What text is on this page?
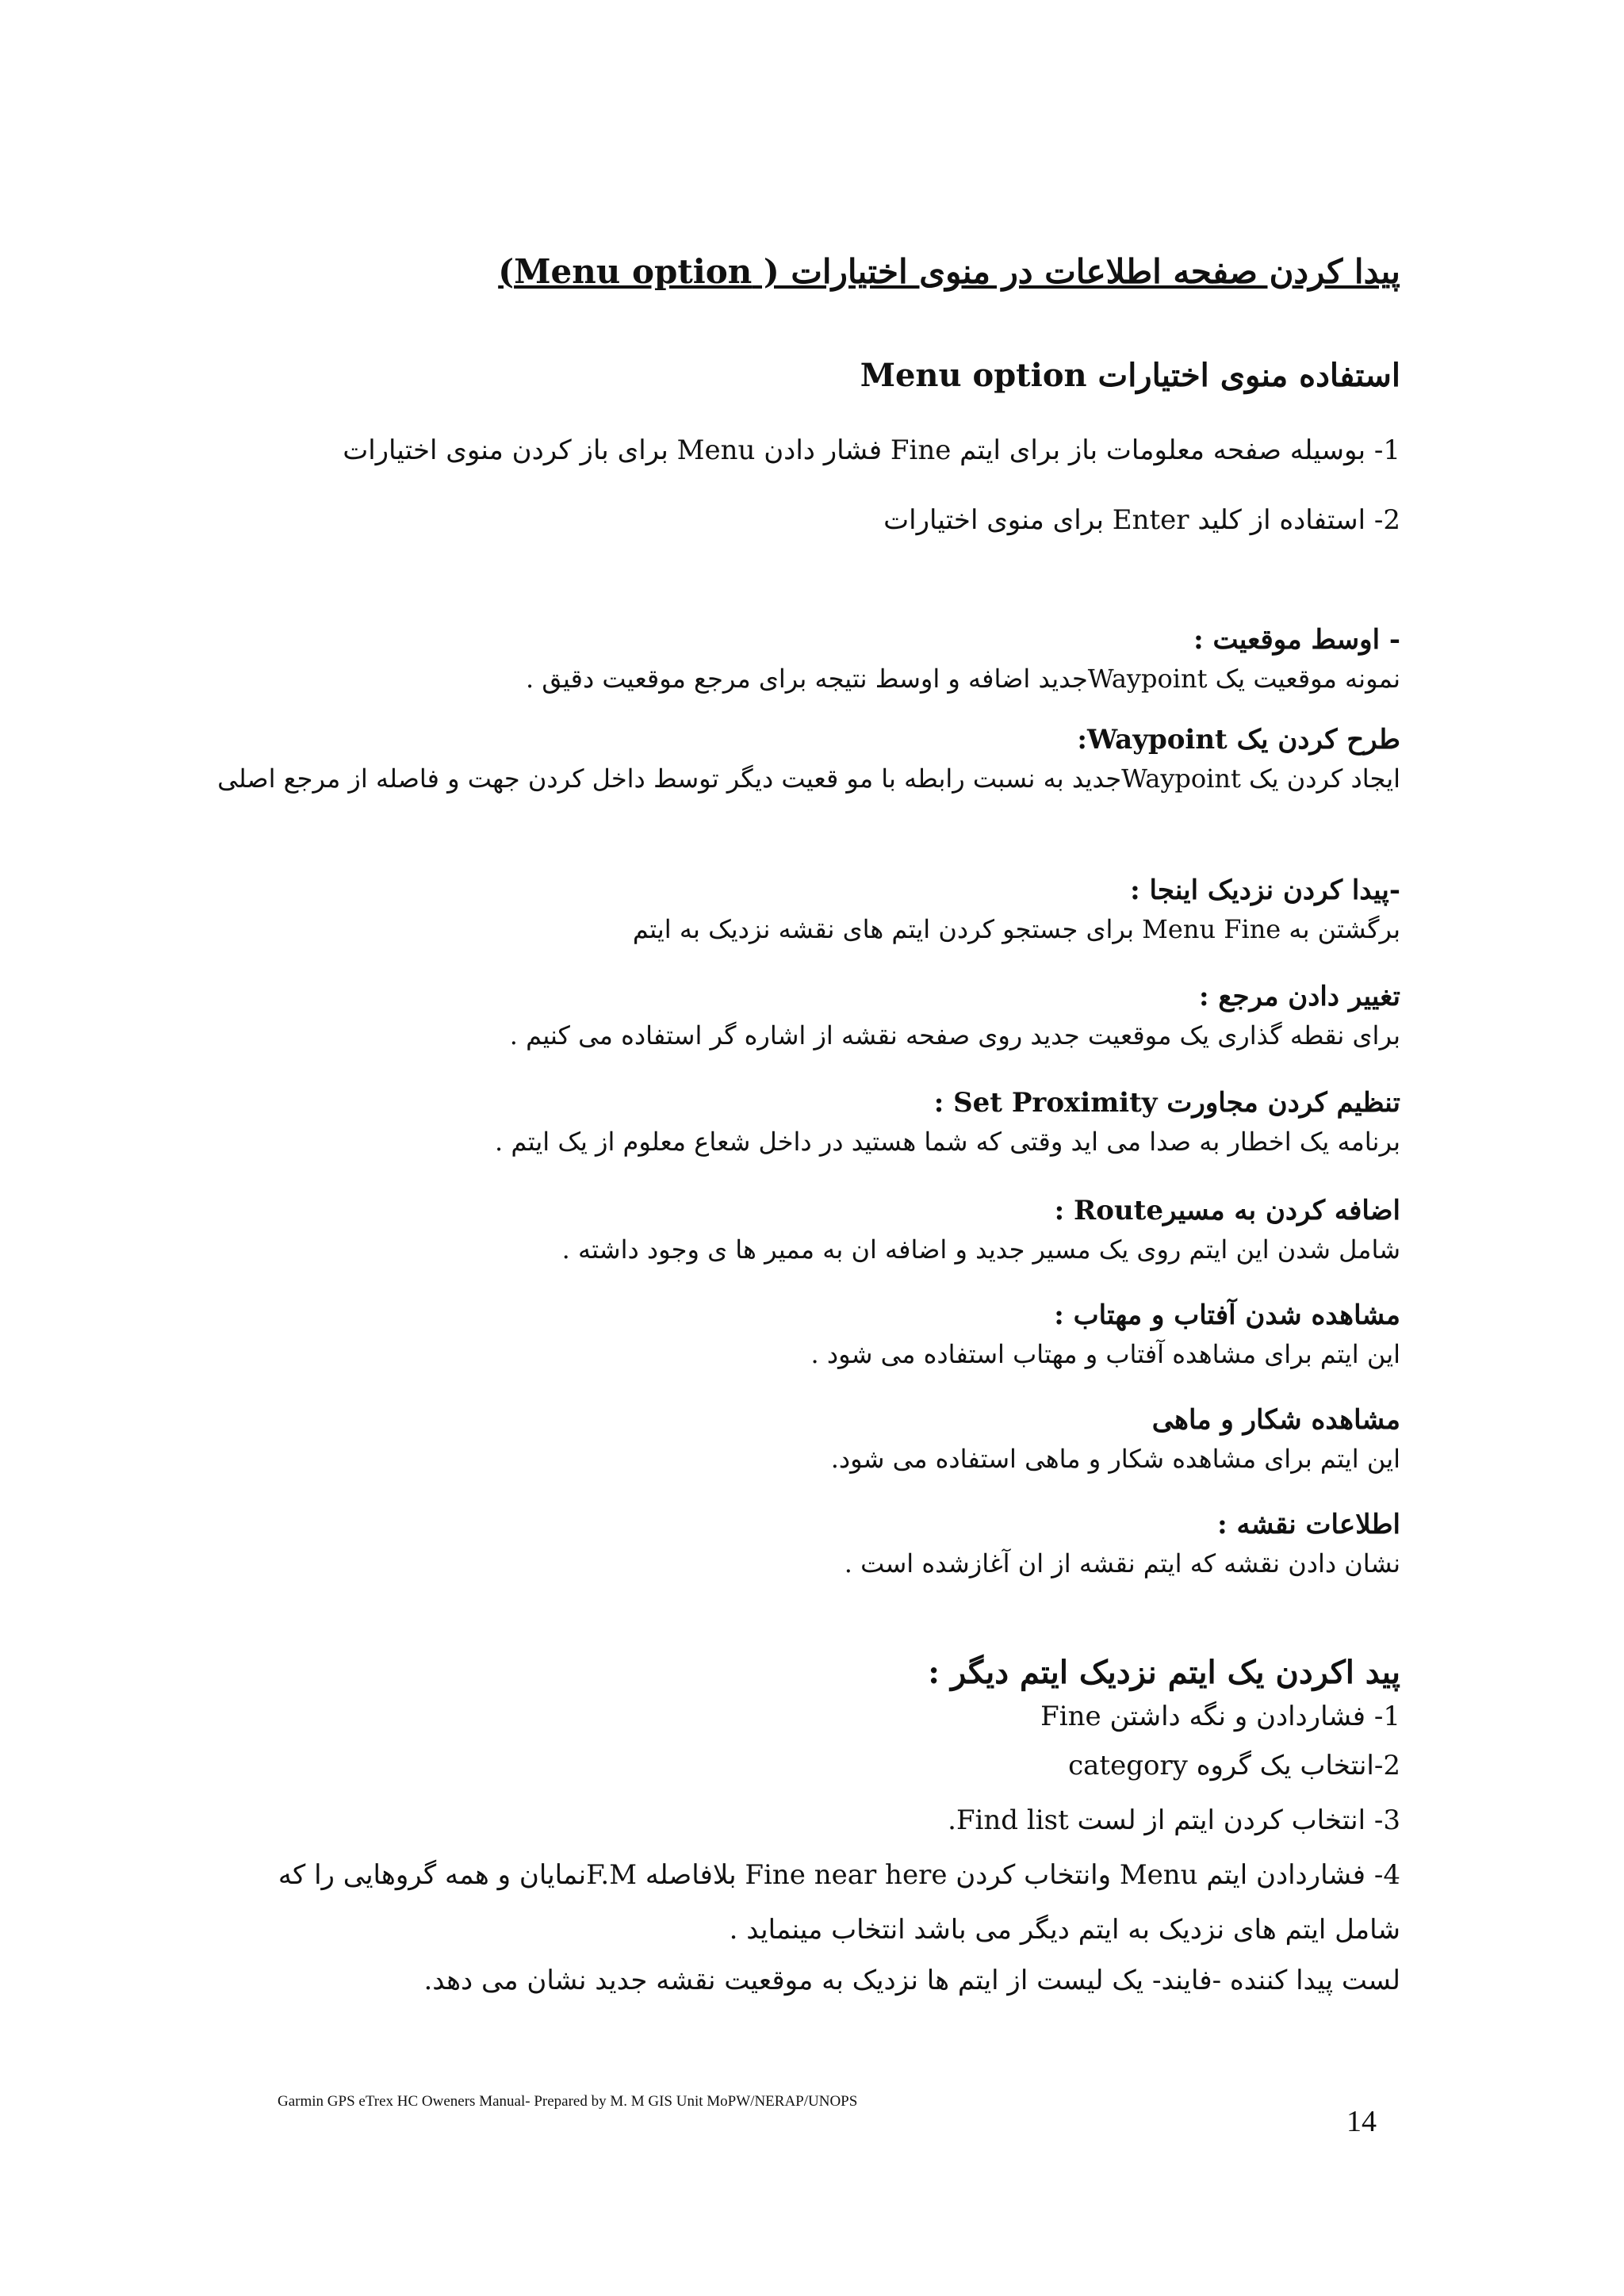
پیدا کردن صفحه اطلاعات در منوی اختیارات ( Menu option)
استفاده منوی اختیارات Menu option
1- بوسیله صفحه معلومات باز برای ایتم Fine فشار دادن Menu برای باز کردن منوی اختیارات
2- استفاده از کلید Enter برای منوی اختیارات
- اوسط موقعیت :
نمونه موقعیت یک Waypointجدید اضافه و اوسط نتیجه برای مرجع موقعیت دقیق .
طرح کردن یک Waypoint:
ایجاد کردن یک Waypointجدید به نسبت رابطه با مو قعیت دیگر توسط داخل کردن جهت و فاصله از مرجع اصلی
-پیدا کردن نزدیک اینجا :
برگشتن به Menu Fine برای جستجو کردن ایتم های نقشه نزدیک به ایتم
تغییر دادن مرجع :
برای نقطه گذاری یک موقعیت جدید روی صفحه نقشه از اشاره گر استفاده می کنیم .
تنظیم کردن مجاورت Set Proximity :
برنامه یک اخطار به صدا می اید وقتی که شما هستید در داخل شعاع معلوم از یک ایتم .
اضافه کردن به مسیرRoute :
شامل شدن این ایتم روی یک مسیر جدید و اضافه ان به ممیر ها ی وجود داشته .
مشاهده شدن آفتاب و مهتاب :
این ایتم برای مشاهده آفتاب و مهتاب استفاده می شود .
مشاهده شکار و ماهی
این ایتم برای مشاهده شکار و ماهی استفاده می شود.
اطلاعات نقشه :
نشان دادن نقشه که ایتم نقشه از ان آغازشده است .
پید اکردن یک ایتم نزدیک ایتم دیگر :
1- فشاردادن و نگه داشتن Fine
2-انتخاب یک گروه category
3- انتخاب کردن ایتم از لست Find list.
4- فشاردادن ایتم Menu وانتخاب کردن Fine near here بلافاصله F.Mنمایان و همه گروهایی را که
شامل ایتم های نزدیک به ایتم دیگر می باشد انتخاب مینماید .
لست پیدا کننده -فایند- یک لیست از ایتم ها نزدیک به موقعیت نقشه جدید نشان می دهد.
Garmin GPS eTrex HC Oweners Manual- Prepared by M. M GIS Unit MoPW/NERAP/UNOPS
14
